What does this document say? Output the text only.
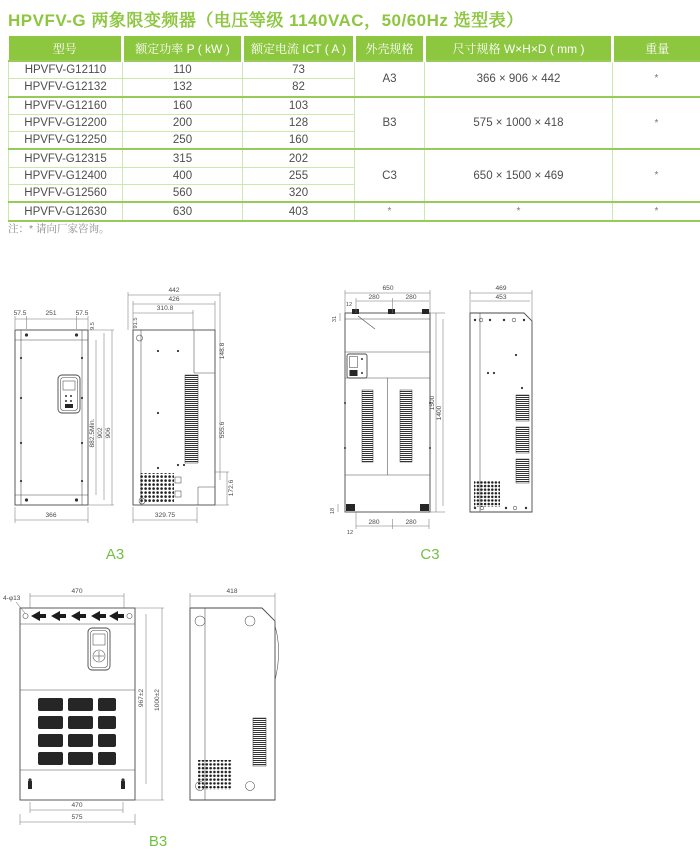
HPVFV-G 两象限变频器（电压等级 1140VAC，50/60Hz 选型表）
型号	额定功率 P ( kW )	额定电流 ICT ( A )	外壳规格	尺寸规格 W×H×D ( mm )	重量
HPVFV-G12110	110	73	A3	366 × 906 × 442	*
HPVFV-G12132	132	82			
HPVFV-G12160	160	103	B3	575 × 1000 × 418	*
HPVFV-G12200	200	128			
HPVFV-G12250	250	160			
HPVFV-G12315	315	202	C3	650 × 1500 × 469	*
HPVFV-G12400	400	255			
HPVFV-G12560	560	320			
HPVFV-G12630	630	403	*	*	*
注：* 请向厂家咨询。
57.5	251	57.5
9.5
882.5Min. 902 906
366
442
426
310.8
91.5
148.8
555.6
172.6
329.75
A3
650
280	280
12
31
1500
1400
280	280
12
18
469
453
C3
4-φ13
470
967±2 1000±2
470
575
418
B3
